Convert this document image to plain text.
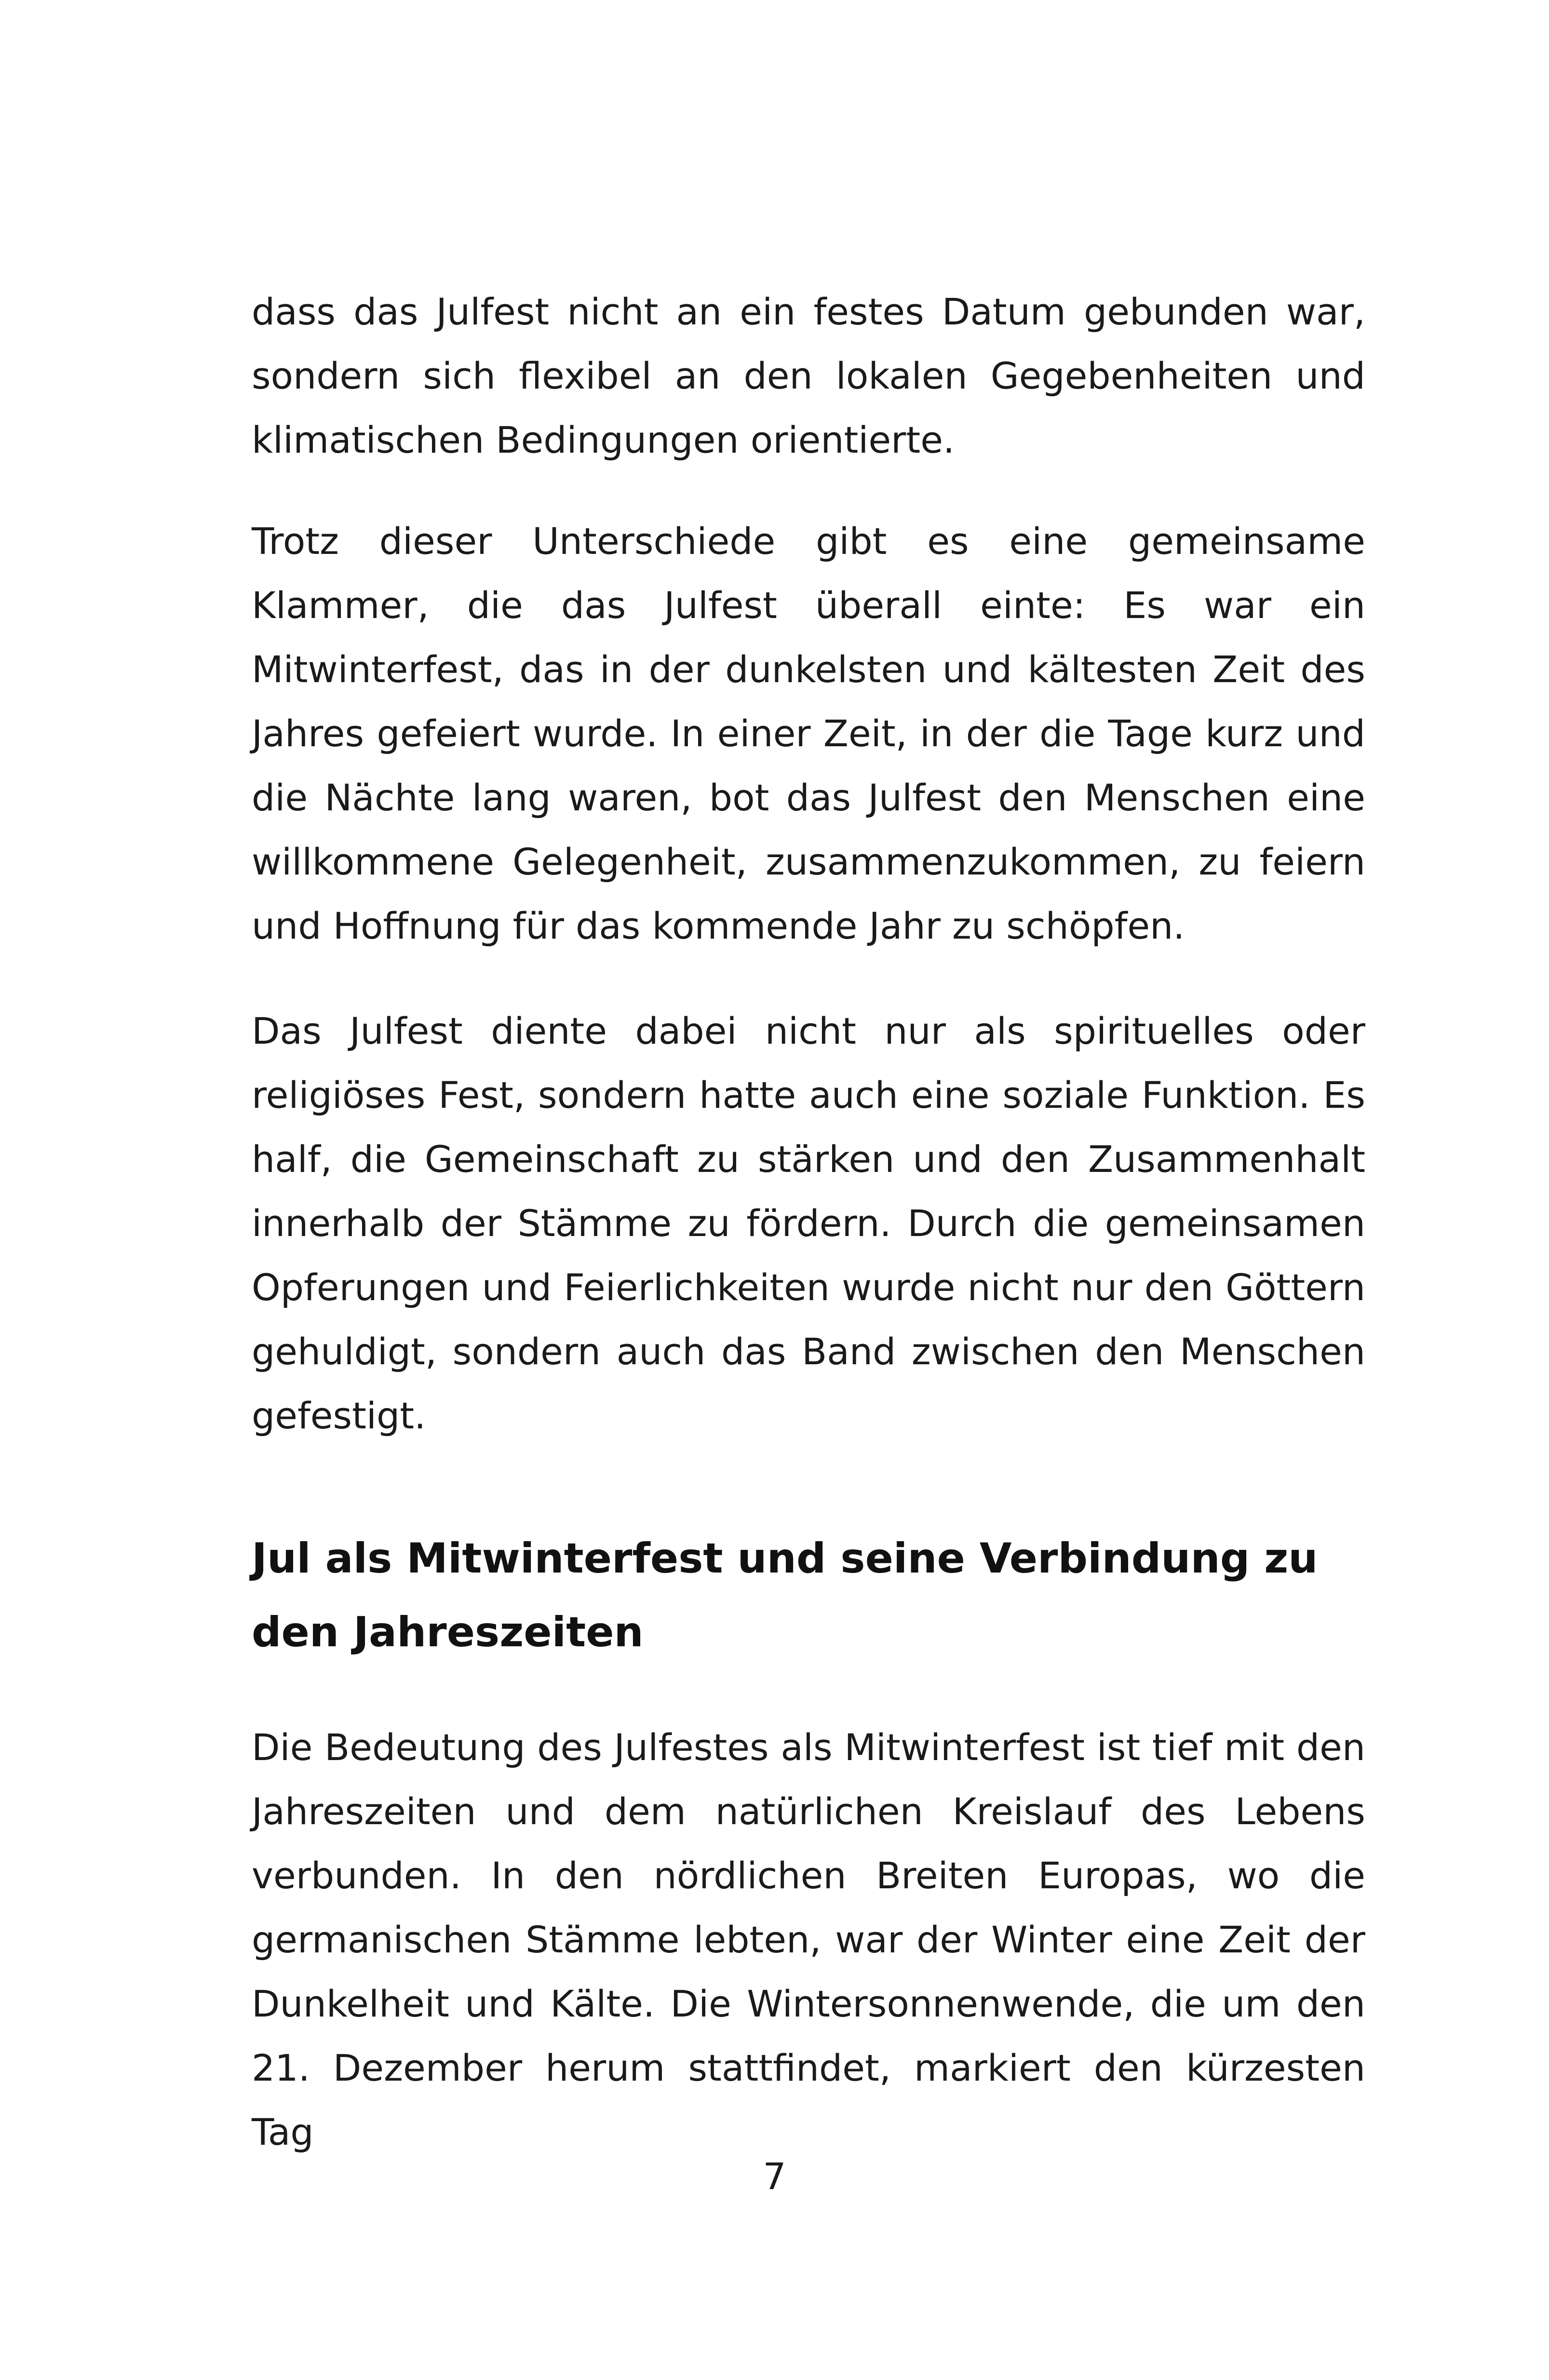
dass das Julfest nicht an ein festes Datum gebunden war, sondern sich flexibel an den lokalen Gegebenheiten und klimatischen Bedingungen orientierte.

Trotz dieser Unterschiede gibt es eine gemeinsame Klammer, die das Julfest überall einte: Es war ein Mitwinterfest, das in der dunkelsten und kältesten Zeit des Jahres gefeiert wurde. In einer Zeit, in der die Tage kurz und die Nächte lang waren, bot das Julfest den Menschen eine willkommene Gelegenheit, zusammenzukommen, zu feiern und Hoffnung für das kommende Jahr zu schöpfen.

Das Julfest diente dabei nicht nur als spirituelles oder religiöses Fest, sondern hatte auch eine soziale Funktion. Es half, die Gemeinschaft zu stärken und den Zusammenhalt innerhalb der Stämme zu fördern. Durch die gemeinsamen Opferungen und Feierlichkeiten wurde nicht nur den Göttern gehuldigt, sondern auch das Band zwischen den Menschen gefestigt.

Jul als Mitwinterfest und seine Verbindung zu den Jahreszeiten

Die Bedeutung des Julfestes als Mitwinterfest ist tief mit den Jahreszeiten und dem natürlichen Kreislauf des Lebens verbunden. In den nördlichen Breiten Europas, wo die germanischen Stämme lebten, war der Winter eine Zeit der Dunkelheit und Kälte. Die Wintersonnenwende, die um den 21. Dezember herum stattfindet, markiert den kürzesten Tag

7
